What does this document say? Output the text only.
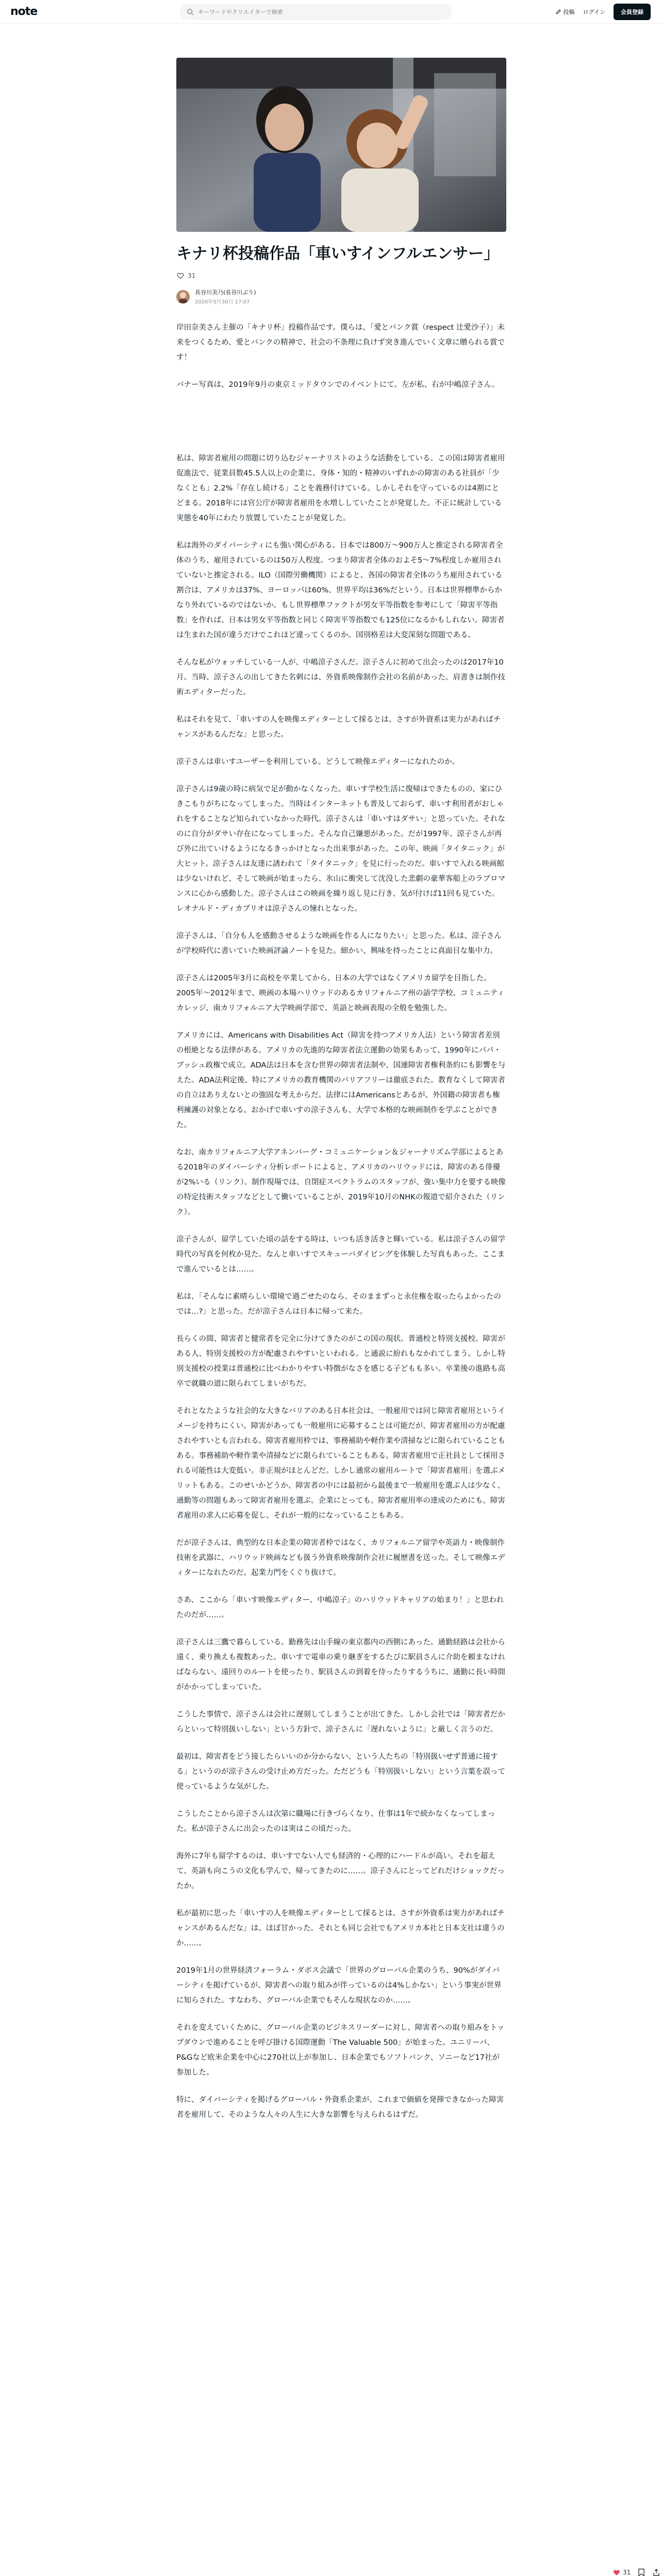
note
キーワードやクリエイターで検索	投稿 ログイン	会員登録
キナリ杯投稿作品「車いすインフルエンサー」
31
長谷川美乃(長谷川ぶり)
2020年5月30日 17:07

岸田奈美さん主催の「キナリ杯」投稿作品です。僕らは、「愛とバンク賞（respect 辻愛沙子）」未来をつくるため、愛とバンクの精神で、社会の不条理に負けず突き進んでいく文章に贈られる賞です！

バナー写真は、2019年9月の東京ミッドタウンでのイベントにて。左が私、右が中嶋涼子さん。

私は、障害者雇用の問題に切り込むジャーナリストのような活動をしている。この国は障害者雇用促進法で、従業員数45.5人以上の企業に、身体・知的・精神のいずれかの障害のある社員が「少なくとも」2.2%「存在し続ける」ことを義務付けている。しかしそれを守っているのは4割にとどまる。2018年には官公庁が障害者雇用を水増ししていたことが発覚した。不正に統計している実態を40年にわたり放置していたことが発覚した。

私は海外のダイバーシティにも強い関心がある。日本では800万〜900万人と推定される障害者全体のうち、雇用されているのは50万人程度。つまり障害者全体のおよそ5〜7%程度しか雇用されていないと推定される。ILO（国際労働機関）によると、各国の障害者全体のうち雇用されている割合は、アメリカは37%、ヨーロッパは60%、世界平均は36%だという。日本は世界標準からかなり外れているのではないか。もし世界標準ファクトが男女平等指数を参考にして「障害平等指数」を作れば、日本は男女平等指数と同じく障害平等指数でも125位になるかもしれない。障害者は生まれた国が違うだけでこれほど違ってくるのか。国別格差は大変深刻な問題である。

そんな私がウォッチしている一人が、中嶋涼子さんだ。涼子さんに初めて出会ったのは2017年10月。当時、涼子さんの出してきた名刺には、外資系映像制作会社の名前があった。肩書きは制作技術エディターだった。

私はそれを見て、「車いすの人を映像エディターとして採るとは、さすが外資系は実力があればチャンスがあるんだな」と思った。

涼子さんは車いすユーザーを利用している。どうして映像エディターになれたのか。

涼子さんは9歳の時に病気で足が動かなくなった。車いす学校生活に復帰はできたものの、家にひきこもりがちになってしまった。当時はインターネットも普及しておらず、車いす利用者がおしゃれをすることなど知られていなかった時代。涼子さんは「車いすはダサい」と思っていた。それなのに自分がダサい存在になってしまった。そんな自己嫌悪があった。だが1997年、涼子さんが再び外に出ていけるようになるきっかけとなった出来事があった。この年、映画「タイタニック」が大ヒット。涼子さんは友達に誘われて「タイタニック」を見に行ったのだ。車いすで入れる映画館は少ないけれど、そして映画が始まったら、氷山に衝突して沈没した悲劇の豪華客船上のラブロマンスに心から感動した。涼子さんはこの映画を繰り返し見に行き、気が付けば11回も見ていた。レオナルド・ディカプリオは涼子さんの憧れとなった。

涼子さんは、「自分も人を感動させるような映画を作る人になりたい」と思った。私は、涼子さんが学校時代に書いていた映画評論ノートを見た。細かい、興味を持ったことに真面目な集中力。

涼子さんは2005年3月に高校を卒業してから、日本の大学ではなくアメリカ留学を目指した。2005年〜2012年まで、映画の本場ハリウッドのあるカリフォルニア州の語学学校、コミュニティカレッジ、南カリフォルニア大学映画学部で、英語と映画表現の全般を勉強した。

アメリカには、Americans with Disabilities Act（障害を持つアメリカ人法）という障害者差別の根絶となる法律がある。アメリカの先進的な障害者法立運動の効果もあって、1990年にパパ・ブッシュ政権で成立。ADA法は日本を含む世界の障害者法制や、国連障害者権利条約にも影響を与えた。ADA法利定後、特にアメリカの教育機関のバリアフリーは徹底された。教育なくして障害者の自立はありえないとの強固な考えからだ。法律にはAmericansとあるが、外国籍の障害者も権利擁護の対象となる。おかげで車いすの涼子さんも、大学で本格的な映画制作を学ぶことができた。

なお、南カリフォルニア大学アネンバーグ・コミュニケーション＆ジャーナリズム学部によるとある2018年のダイバーシティ分析レポートによると、アメリカのハリウッドには、障害のある俳優が2%いる（リンク）。制作現場では、自閉症スペクトラムのスタッフが、強い集中力を要する映像の特定技術スタッフなどとして働いていることが、2019年10月のNHKの報道で紹介された（リンク）。

涼子さんが、留学していた頃の話をする時は、いつも活き活きと輝いている。私は涼子さんの留学時代の写真を何枚か見た。なんと車いすでスキューバダイビングを体験した写真もあった。ここまで進んでいるとは……。

私は、「そんなに素晴らしい環境で過ごせたのなら、そのままずっと永住権を取ったらよかったのでは…?」と思った。だが涼子さんは日本に帰って来た。

長らくの間、障害者と健常者を完全に分けてきたのがこの国の現状。普通校と特別支援校。障害がある人、特別支援校の方が配慮されやすいといわれる。と通説に紛れもなかれてしまう。しかし特別支援校の授業は普通校に比べわかりやすい特徴がなさを感じる子どもも多い。卒業後の進路も高卒で就職の道に限られてしまいがちだ。

それとなたような社会的な大きなバリアのある日本社会は、一般雇用では同じ障害者雇用というイメージを持ちにくい。障害があっても一般雇用に応募することは可能だが、障害者雇用の方が配慮されやすいとも言われる。障害者雇用枠では、事務補助や軽作業や清掃などに限られていることもある。事務補助や軽作業や清掃などに限られていることもある。障害者雇用で正社員として採用される可能性は大変低い。非正規がほとんどだ。しかし通常の雇用ルートで「障害者雇用」を選ぶメリットもある。このせいかどうか、障害者の中には最初から最後まで一般雇用を選ぶ人は少なく、通勤等の問題もあって障害者雇用を選ぶ。企業にとっても、障害者雇用率の達成のためにも、障害者雇用の求人に応募を促し、それが一般的になっていることもある。

だが涼子さんは、典型的な日本企業の障害者枠ではなく、カリフォルニア留学や英語力・映像制作技術を武器に、ハリウッド映画なども扱う外資系映像制作会社に履歴書を送った。そして映像エディターになれたのだ。起業力門をくぐり抜けて。

さあ、ここから「車いす映像エディター、中嶋涼子」のハリウッドキャリアの始まり！」と思われたのだが……。

涼子さんは三鷹で暮らしている。勤務先は山手線の東京都内の西側にあった。通勤経路は会社から遠く、乗り換えも複数あった。車いすで電車の乗り継ぎをするたびに駅員さんに介助を頼まなければならない。遠回りのルートを使ったり、駅員さんの到着を待ったりするうちに、通勤に長い時間がかかってしまっていた。

こうした事情で、涼子さんは会社に遅刻してしまうことが出てきた。しかし会社では「障害者だからといって特別扱いしない」という方針で、涼子さんに「遅れないように」と厳しく言うのだ。

最初は、障害者をどう接したらいいのか分からない、という人たちの「特別扱いせず普通に接する」というのが涼子さんの受け止め方だった。ただどうも「特別扱いしない」という言葉を誤って使っているような気がした。

こうしたことから涼子さんは次第に職場に行きづらくなり、仕事は1年で続かなくなってしまった。私が涼子さんに出会ったのは実はこの頃だった。

海外に7年も留学するのは、車いすでない人でも経済的・心理的にハードルが高い。それを超えて、英語も向こうの文化も学んで、帰ってきたのに……。涼子さんにとってどれだけショックだったか。

私が最初に思った「車いすの人を映像エディターとして採るとは、さすが外資系は実力があればチャンスがあるんだな」は、ほぼ甘かった。それとも同じ会社でもアメリカ本社と日本支社は違うのか……。

2019年1月の世界経済フォーラム・ダボス会議で「世界のグローバル企業のうち、90%がダイバーシティを掲げているが、障害者への取り組みが伴っているのは4%しかない」という事実が世界に知らされた。すなわち、グローバル企業でもそんな現状なのか……。

それを変えていくために、グローバル企業のビジネスリーダーに対し、障害者への取り組みをトップダウンで進めることを呼び掛ける国際運動「The Valuable 500」が始まった。ユニリーバ、P&Gなど欧米企業を中心に270社以上が参加し、日本企業でもソフトバンク、ソニーなど17社が参加した。

特に、ダイバーシティを掲げるグローバル・外資系企業が、これまで価値を発揮できなかった障害者を雇用して、そのような人々の人生に大きな影響を与えられるはずだ。

31
